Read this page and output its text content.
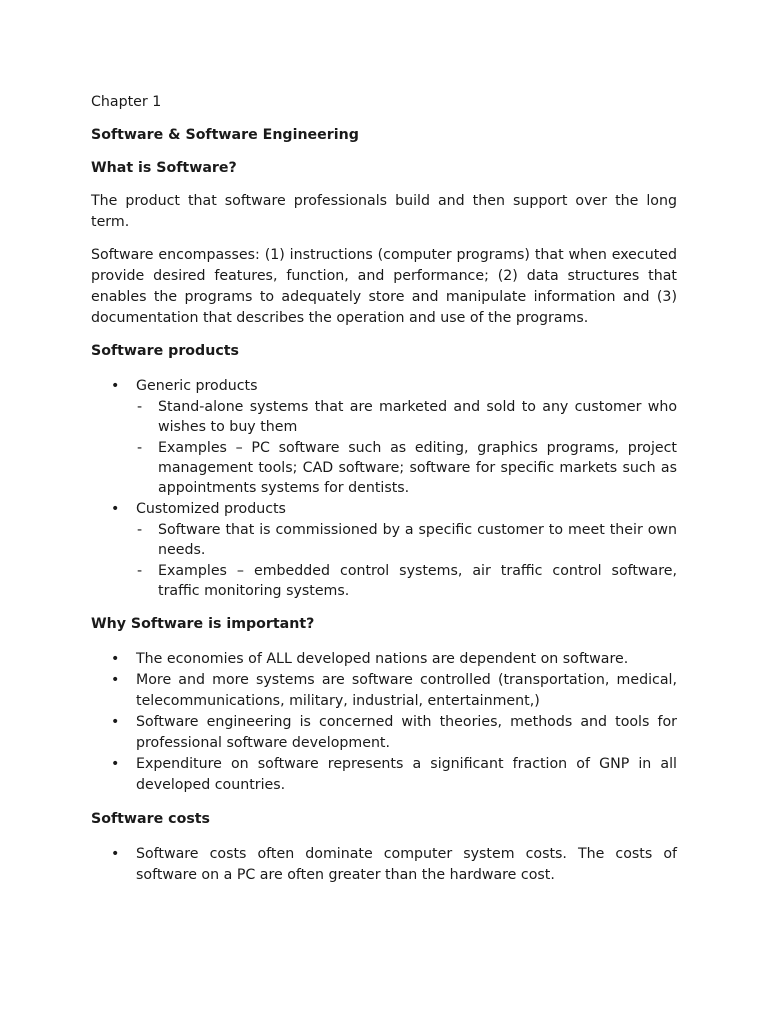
Chapter 1
Software & Software Engineering
What is Software?
The product that software professionals build and then support over the long term.
Software encompasses: (1) instructions (computer programs) that when executed provide desired features, function, and performance; (2) data structures that enables the programs to adequately store and manipulate information and (3) documentation that describes the operation and use of the programs.
Software products
• Generic products
- Stand-alone systems that are marketed and sold to any customer who wishes to buy them
- Examples – PC software such as editing, graphics programs, project management tools; CAD software; software for specific markets such as appointments systems for dentists.
• Customized products
- Software that is commissioned by a specific customer to meet their own needs.
- Examples – embedded control systems, air traffic control software, traffic monitoring systems.
Why Software is important?
• The economies of ALL developed nations are dependent on software.
• More and more systems are software controlled (transportation, medical, telecommunications, military, industrial, entertainment,)
• Software engineering is concerned with theories, methods and tools for professional software development.
• Expenditure on software represents a significant fraction of GNP in all developed countries.
Software costs
• Software costs often dominate computer system costs. The costs of software on a PC are often greater than the hardware cost.
